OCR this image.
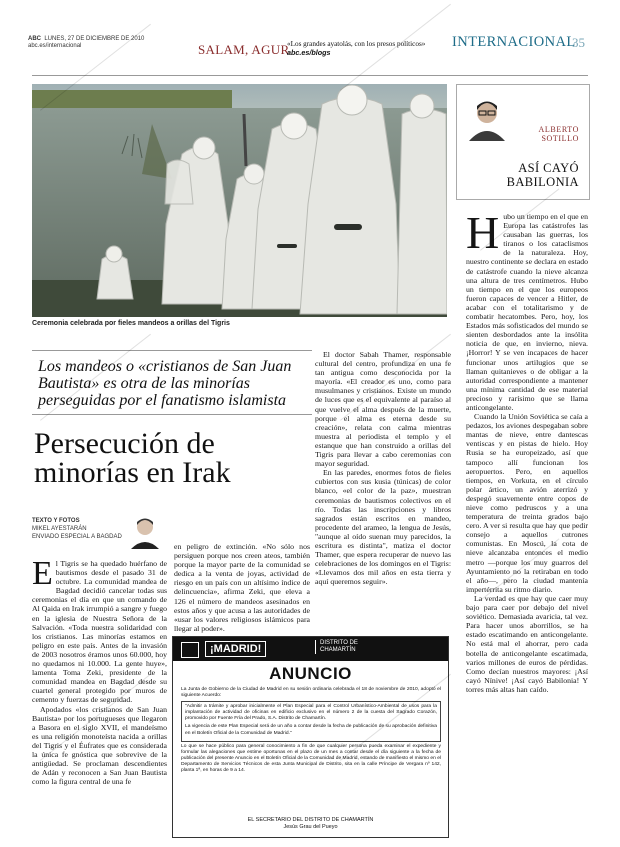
ABC LUNES, 27 DE DICIEMBRE DE 2010
abc.es/internacional	SALAM, AGUR
«Los grandes ayatolás, con los presos políticos»
abc.es/blogs
INTERNACIONAL
35
Ceremonia celebrada por fieles mandeos a orillas del Tigris
Los mandeos o «cristianos de San Juan Bautista» es otra de las minorías perseguidas por el fanatismo islamista
Persecución de minorías en Irak
TEXTO Y FOTOS
MIKEL AYESTARÁN
ENVIADO ESPECIAL A BAGDAD
El Tigris se ha quedado huérfano de bautismos desde el pasado 31 de octubre. La comunidad mandea de Bagdad decidió cancelar todas sus ceremonias el día en que un comando de Al Qaida en Irak irrumpió a sangre y fuego en la iglesia de Nuestra Señora de la Salvación. «Toda nuestra solidaridad con los cristianos. Las minorías estamos en peligro en este país. Antes de la invasión de 2003 nosotros éramos unos 60.000, hoy no quedamos ni 10.000. La gente huye», lamenta Toma Zeki, presidente de la comunidad mandea en Bagdad desde su cuartel general protegido por muros de cemento y fuerzas de seguridad.
Apodados «los cristianos de San Juan Bautista» por los portugueses que llegaron a Basora en el siglo XVII, el mandeísmo es una religión monoteísta nacida a orillas del Tigris y el Éufrates que es considerada la única fe gnóstica que sobrevive de la antigüedad. Se proclaman descendientes de Adán y reconocen a San Juan Bautista como la figura central de una fe
en peligro de extinción. «No sólo nos persiguen porque nos creen ateos, también porque la mayor parte de la comunidad se dedica a la venta de joyas, actividad de riesgo en un país con un altísimo índice de delincuencia», afirma Zeki, que eleva a 126 el número de mandeos asesinados en estos años y que acusa a las autoridades de «usar los valores religiosos islámicos para llegar al poder».
El doctor Sabah Thamer, responsable cultural del centro, profundiza en una fe tan antigua como desconocida por la mayoría. «El creador es uno, como para musulmanes y cristianos. Existe un mundo de luces que es el equivalente al paraíso al que vuelve el alma después de la muerte, porque el alma es eterna desde su creación», relata con calma mientras muestra al periodista el templo y el estanque que han construido a orillas del Tigris para llevar a cabo ceremonias con mayor seguridad.
En las paredes, enormes fotos de fieles cubiertos con sus kusia (túnicas) de color blanco, «el color de la paz», muestran ceremonias de bautismos colectivos en el río. Todas las inscripciones y libros sagrados están escritos en mandeo, procedente del arameo, la lengua de Jesús, "aunque al oído suenan muy parecidos, la escritura es distinta", matiza el doctor Thamer, que espera recuperar de nuevo las celebraciones de los domingos en el Tigris: «Llevamos dos mil años en esta tierra y aquí queremos seguir».
¡MADRID!	DISTRITO DE
CHAMARTÍN
ANUNCIO

La Junta de Gobierno de la Ciudad de Madrid en su sesión ordinaria celebrada el 18 de noviembre de 2010, adoptó el siguiente Acuerdo:

"Admitir a trámite y aprobar inicialmente el Plan Especial para el Control Urbanístico-Ambiental de usos para la implantación de actividad de oficinas en edificio exclusivo en el número 2 de la cuesta del Sagrado Corazón, promovido por Fuente Fría del Prado, S.A. Distrito de Chamartín.

La vigencia de este Plan Especial será de un año a contar desde la fecha de publicación de su aprobación definitiva en el Boletín Oficial de la Comunidad de Madrid."

Lo que se hace público para general conocimiento a fin de que cualquier persona pueda examinar el expediente y formular las alegaciones que estime oportunas en el plazo de un mes a contar desde el día siguiente a la fecha de publicación del presente Anuncio en el Boletín Oficial de la Comunidad de Madrid, estando de manifiesto el mismo en el Departamento de Servicios Técnicos de esta Junta Municipal de Distrito, sita en la calle Príncipe de Vergara nº 142, planta 1ª, en horas de 9 a 14.

EL SECRETARIO DEL DISTRITO DE CHAMARTÍN
Jesús Grau del Pueyo
ALBERTO
SOTILLO
ASÍ CAYÓ
BABILONIA
Hubo un tiempo en el que en Europa las catástrofes las causaban las guerras, los tiranos o los cataclismos de la naturaleza. Hoy, nuestro continente se declara en estado de catástrofe cuando la nieve alcanza una altura de tres centímetros. Hubo un tiempo en el que los europeos fueron capaces de vencer a Hitler, de acabar con el totalitarismo y de combatir hecatombes. Pero, hoy, los Estados más sofisticados del mundo se sienten desbordados ante la insólita noticia de que, en invierno, nieva. ¡Horror! Y se ven incapaces de hacer funcionar unos artilugios que se llaman quitanieves o de obligar a la autoridad correspondiente a mantener una mínima cantidad de ese material precioso y rarísimo que se llama anticongelante.
Cuando la Unión Soviética se caía a pedazos, los aviones despegaban sobre mantas de nieve, entre dantescas ventiscas y en pistas de hielo. Hoy Rusia se ha europeizado, así que tampoco allí funcionan los aeropuertos. Pero, en aquellos tiempos, en Vorkuta, en el círculo polar ártico, un avión aterrizó y despegó suavemente entre copos de nieve como pedruscos y a una temperatura de treinta grados bajo cero. A ver si resulta que hay que pedir consejo a aquellos cutrones comunistas. En Moscú, la cota de nieve alcanzaba entonces el medio metro —porque los muy guarros del Ayuntamiento no la retiraban en todo el año—, pero la ciudad mantenía impertérrita su ritmo diario.
La verdad es que hay que caer muy bajo para caer por debajo del nivel soviético. Demasiada avaricia, tal vez. Para hacer unos aborrillos, se ha estado escatimando en anticongelante. No está mal el ahorrar, pero cada botella de anticongelante escatimada, varios millones de euros de pérdidas. Como decían nuestros mayores: ¡Así cayó Nínive! ¡Así cayó Babilonia! Y torres más altas han caído.
